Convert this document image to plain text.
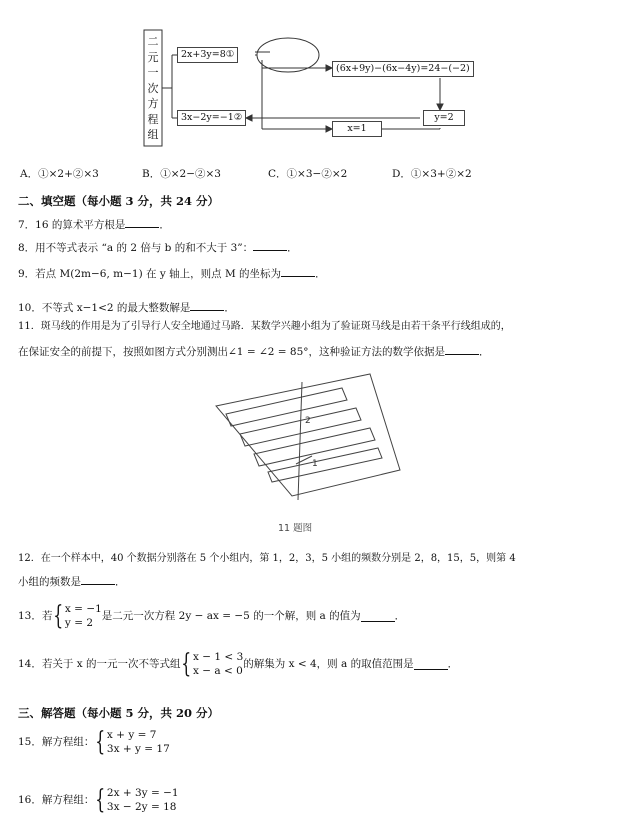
二元一次方程组
2x+3y=8①
3x−2y=−1②
(6x+9y)−(6x−4y)=24−(−2)
y=2
x=1
A．①×2+②×3	B．①×2−②×3	C．①×3−②×2	D．①×3+②×2
二、填空题（每小题 3 分，共 24 分）
7．16 的算术平方根是	．
8．用不等式表示 “a 的 2 倍与 b 的和不大于 3”：	．
9．若点 M(2m−6, m−1) 在 y 轴上，则点 M 的坐标为	．
10．不等式 x−1<2 的最大整数解是	．
11．斑马线的作用是为了引导行人安全地通过马路．某数学兴趣小组为了验证斑马线是由若干条平行线组成的，
在保证安全的前提下，按照如图方式分别测出∠1 = ∠2 = 85°，这种验证方法的数学依据是	．
2
1
11 题图
12．在一个样本中，40 个数据分别落在 5 个小组内，第 1，2，3，5 小组的频数分别是 2，8，15，5，则第 4
小组的频数是	．
13．若{x = −1
y = 2是二元一次方程 2y − ax = −5 的一个解，则 a 的值为	．
14．若关于 x 的一元一次不等式组{x − 1 < 3
x − a < 0的解集为 x < 4，则 a 的取值范围是	．
三、解答题（每小题 5 分，共 20 分）
15．解方程组：{x + y = 7
3x + y = 17
16．解方程组：{2x + 3y = −1
3x − 2y = 18
